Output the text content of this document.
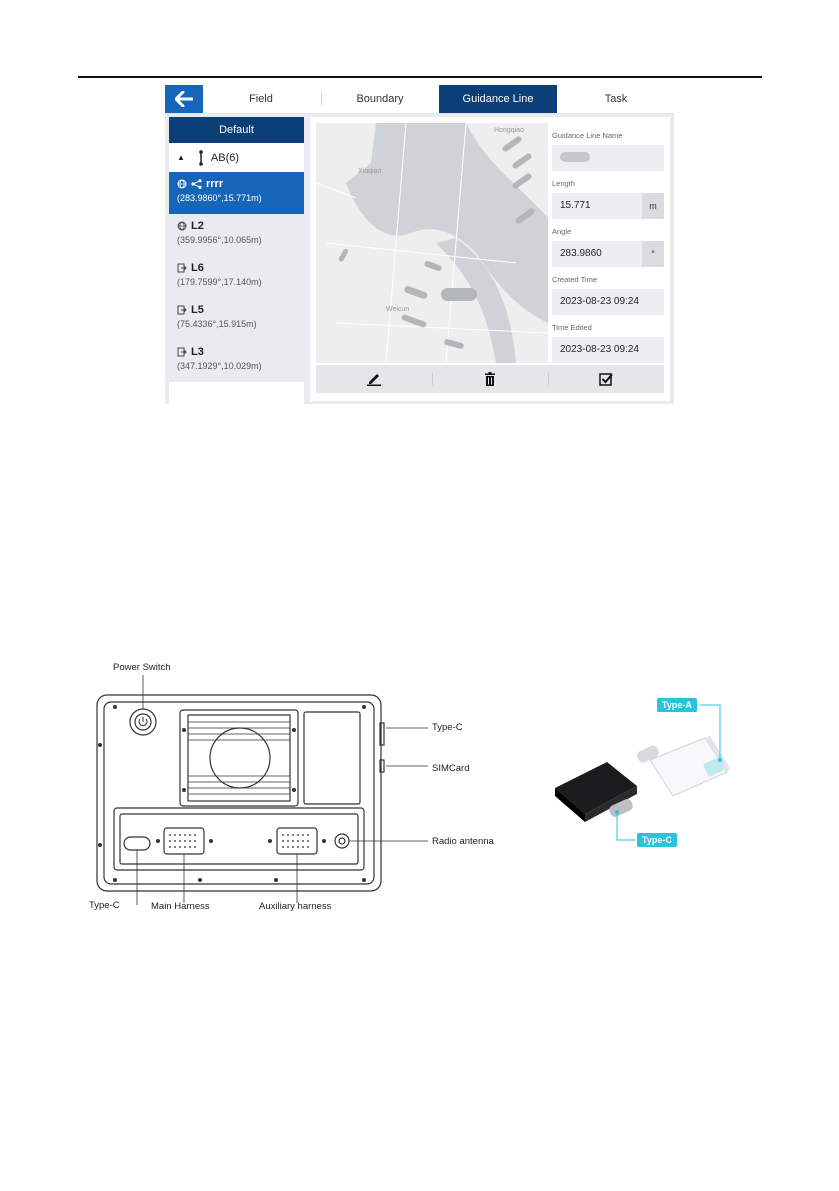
Field	Boundary	Guidance Line	Task
Default
▲ AB(6)
rrrr
(283.9860°,15.771m)
L2
(359.9956°,10.065m)
L6
(179.7599°,17.140m)
L5
(75.4336°,15.915m)
L3
(347.1929°,10.029m)
Hongqiao
Xiaqiao
Weicun
Guidance Line Name
Length
15.771	m
Angle
283.9860	°
Created Time
2023-08-23 09:24
Time Edited
2023-08-23 09:24
Power Switch
Type-C
SIMCard
Radio antenna
Type-C	Main Harness	Auxiliary harness
Type-A
Type-C
